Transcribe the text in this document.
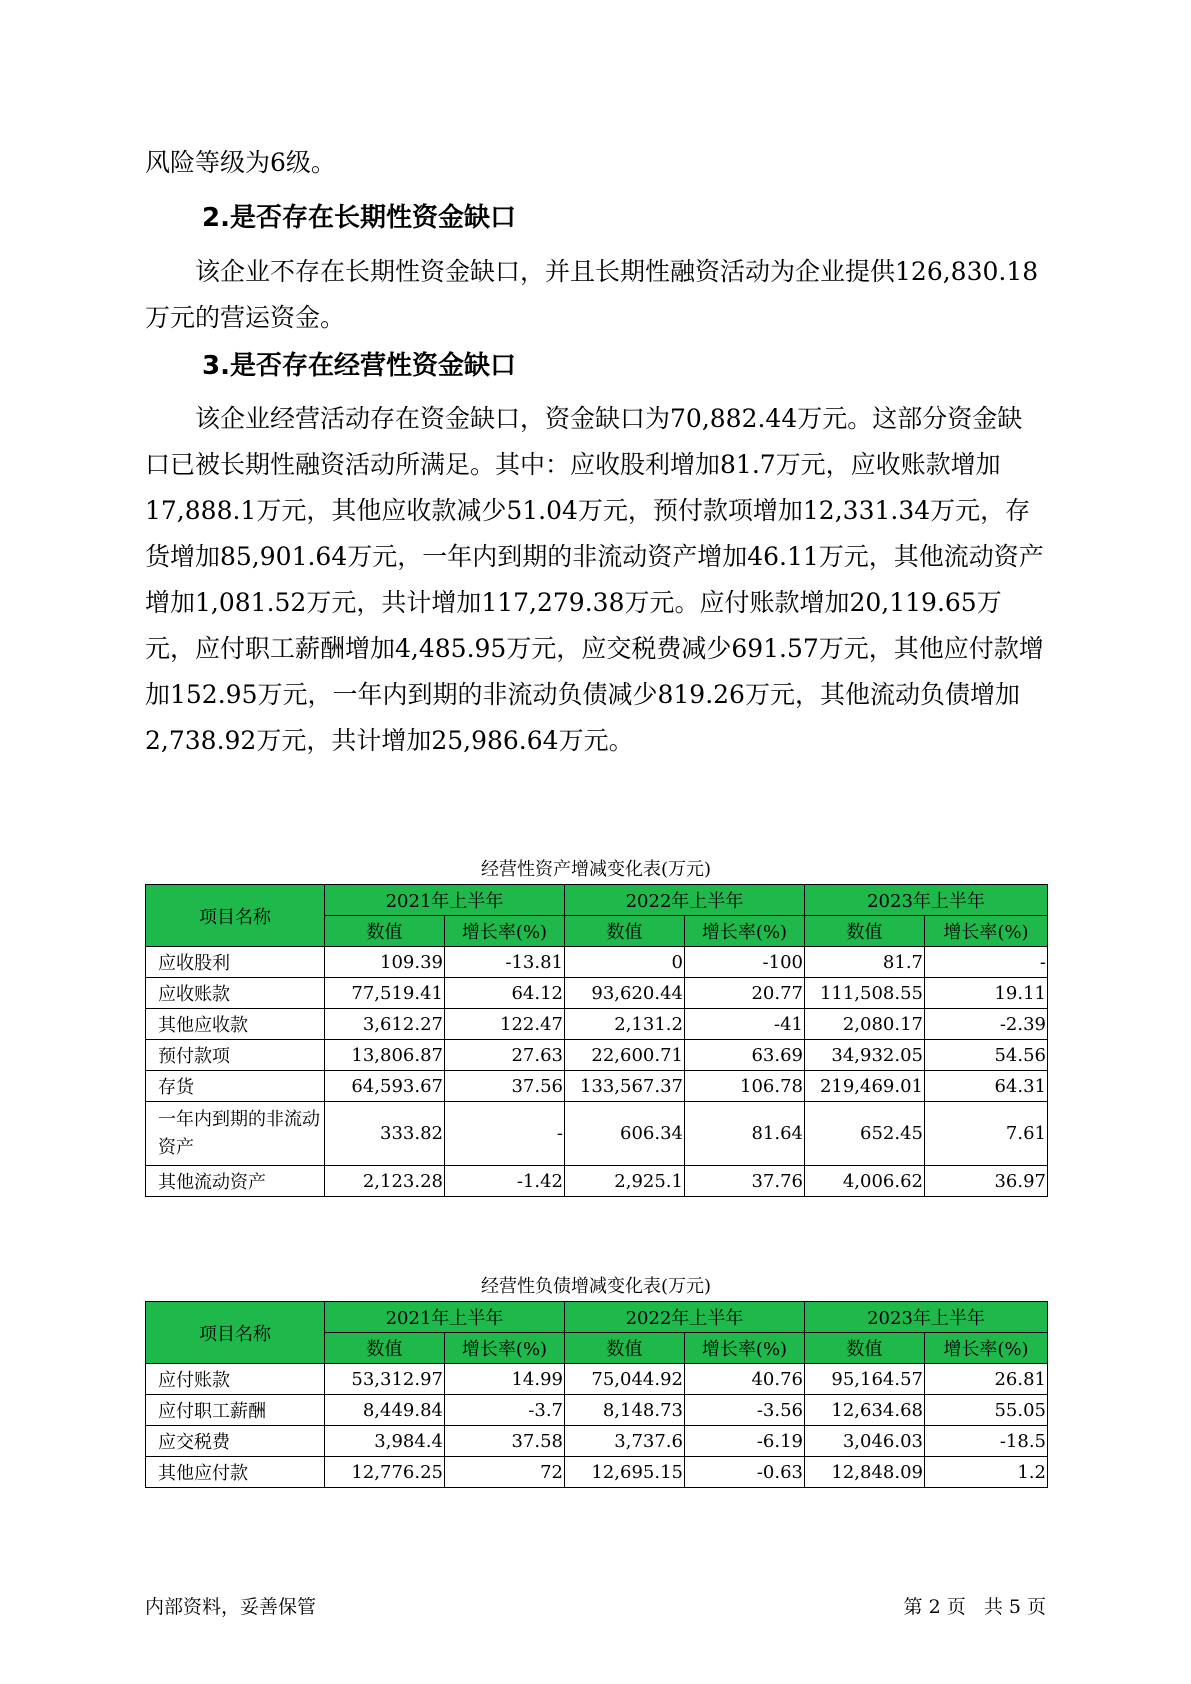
风险等级为6级。

2.是否存在长期性资金缺口

该企业不存在长期性资金缺口，并且长期性融资活动为企业提供126,830.18万元的营运资金。

3.是否存在经营性资金缺口

该企业经营活动存在资金缺口，资金缺口为70,882.44万元。这部分资金缺口已被长期性融资活动所满足。其中：应收股利增加81.7万元，应收账款增加17,888.1万元，其他应收款减少51.04万元，预付款项增加12,331.34万元，存货增加85,901.64万元，一年内到期的非流动资产增加46.11万元，其他流动资产增加1,081.52万元，共计增加117,279.38万元。应付账款增加20,119.65万元，应付职工薪酬增加4,485.95万元，应交税费减少691.57万元，其他应付款增加152.95万元，一年内到期的非流动负债减少819.26万元，其他流动负债增加2,738.92万元，共计增加25,986.64万元。

经营性资产增减变化表(万元)
项目名称	2021年上半年		2022年上半年		2023年上半年	
	数值	增长率(%)	数值	增长率(%)	数值	增长率(%)
应收股利	109.39	-13.81	0	-100	81.7	-
应收账款	77,519.41	64.12	93,620.44	20.77	111,508.55	19.11
其他应收款	3,612.27	122.47	2,131.2	-41	2,080.17	-2.39
预付款项	13,806.87	27.63	22,600.71	63.69	34,932.05	54.56
存货	64,593.67	37.56	133,567.37	106.78	219,469.01	64.31
一年内到期的非流动资产	333.82	-	606.34	81.64	652.45	7.61
其他流动资产	2,123.28	-1.42	2,925.1	37.76	4,006.62	36.97
经营性负债增减变化表(万元)
项目名称	2021年上半年		2022年上半年		2023年上半年	
	数值	增长率(%)	数值	增长率(%)	数值	增长率(%)
应付账款	53,312.97	14.99	75,044.92	40.76	95,164.57	26.81
应付职工薪酬	8,449.84	-3.7	8,148.73	-3.56	12,634.68	55.05
应交税费	3,984.4	37.58	3,737.6	-6.19	3,046.03	-18.5
其他应付款	12,776.25	72	12,695.15	-0.63	12,848.09	1.2
内部资料，妥善保管	第 2 页   共 5 页
